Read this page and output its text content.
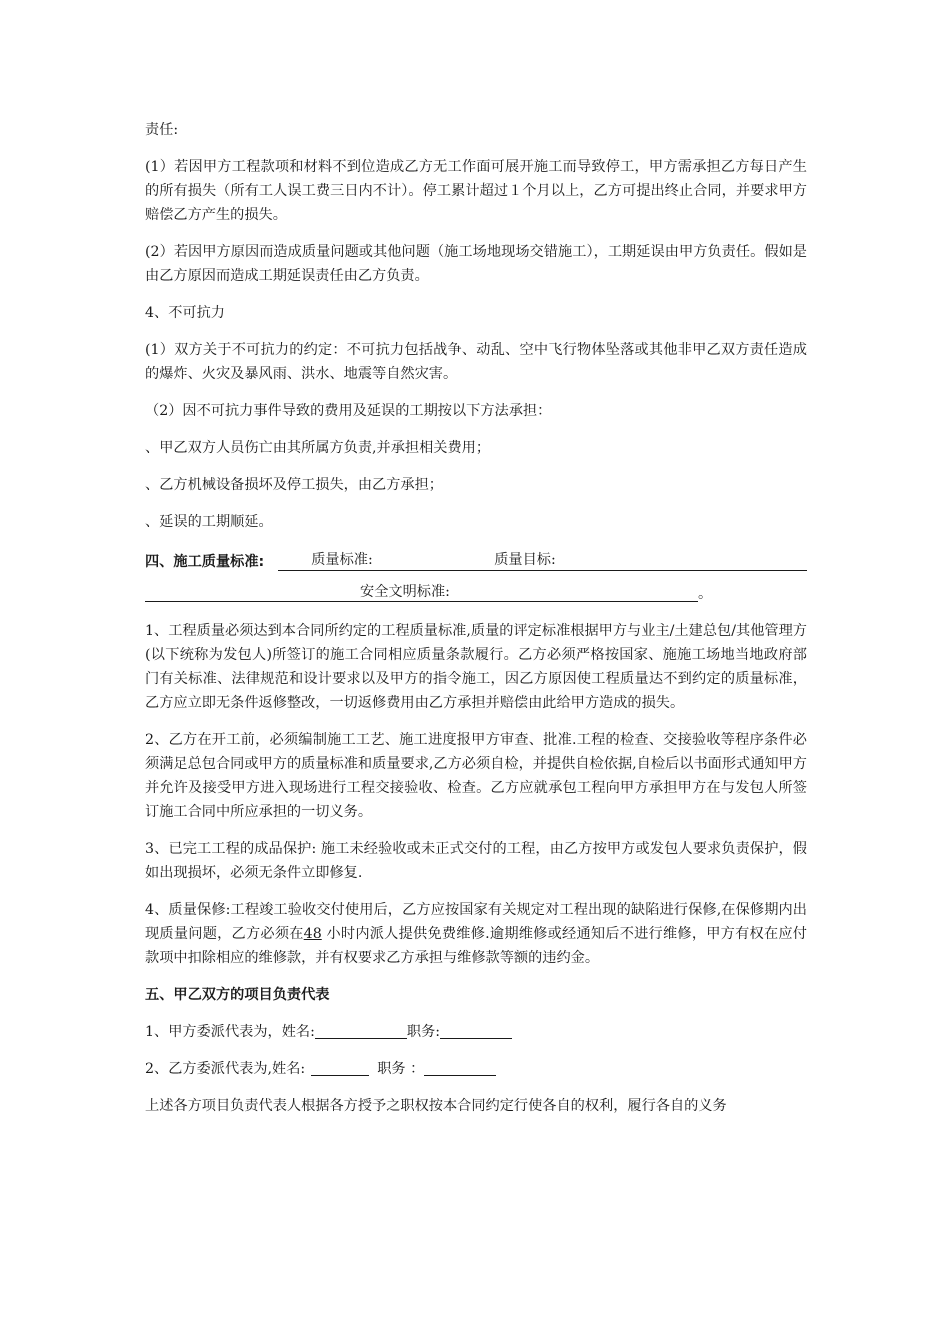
责任:

(1）若因甲方工程款项和材料不到位造成乙方无工作面可展开施工而导致停工，甲方需承担乙方每日产生的所有损失（所有工人误工费三日内不计）。停工累计超过１个月以上，乙方可提出终止合同，并要求甲方赔偿乙方产生的损失。

(2）若因甲方原因而造成质量问题或其他问题（施工场地现场交错施工），工期延误由甲方负责任。假如是由乙方原因而造成工期延误责任由乙方负责。

4、不可抗力

(1）双方关于不可抗力的约定：不可抗力包括战争、动乱、空中飞行物体坠落或其他非甲乙双方责任造成的爆炸、火灾及暴风雨、洪水、地震等自然灾害。

（2）因不可抗力事件导致的费用及延误的工期按以下方法承担：

、甲乙双方人员伤亡由其所属方负责,并承担相关费用；

、乙方机械设备损坏及停工损失，由乙方承担；

、延误的工期顺延。

四、施工质量标准:	质量标准:	质量目标:
安全文明标准:	。

1、工程质量必须达到本合同所约定的工程质量标准,质量的评定标准根据甲方与业主/土建总包/其他管理方(以下统称为发包人)所签订的施工合同相应质量条款履行。乙方必须严格按国家、施施工场地当地政府部门有关标准、法律规范和设计要求以及甲方的指令施工，因乙方原因使工程质量达不到约定的质量标准，乙方应立即无条件返修整改，一切返修费用由乙方承担并赔偿由此给甲方造成的损失。

2、乙方在开工前，必须编制施工工艺、施工进度报甲方审查、批准.工程的检查、交接验收等程序条件必须满足总包合同或甲方的质量标准和质量要求,乙方必须自检，并提供自检依据,自检后以书面形式通知甲方并允许及接受甲方进入现场进行工程交接验收、检查。乙方应就承包工程向甲方承担甲方在与发包人所签订施工合同中所应承担的一切义务。

3、已完工工程的成品保护: 施工未经验收或未正式交付的工程，由乙方按甲方或发包人要求负责保护，假如出现损坏，必须无条件立即修复.

4、质量保修:工程竣工验收交付使用后，乙方应按国家有关规定对工程出现的缺陷进行保修,在保修期内出现质量问题，乙方必须在48 小时内派人提供免费维修.逾期维修或经通知后不进行维修，甲方有权在应付款项中扣除相应的维修款，并有权要求乙方承担与维修款等额的违约金。

五、甲乙双方的项目负责代表

1、甲方委派代表为，姓名:	职务:

2、乙方委派代表为,姓名:	职务 ：

上述各方项目负责代表人根据各方授予之职权按本合同约定行使各自的权利，履行各自的义务
